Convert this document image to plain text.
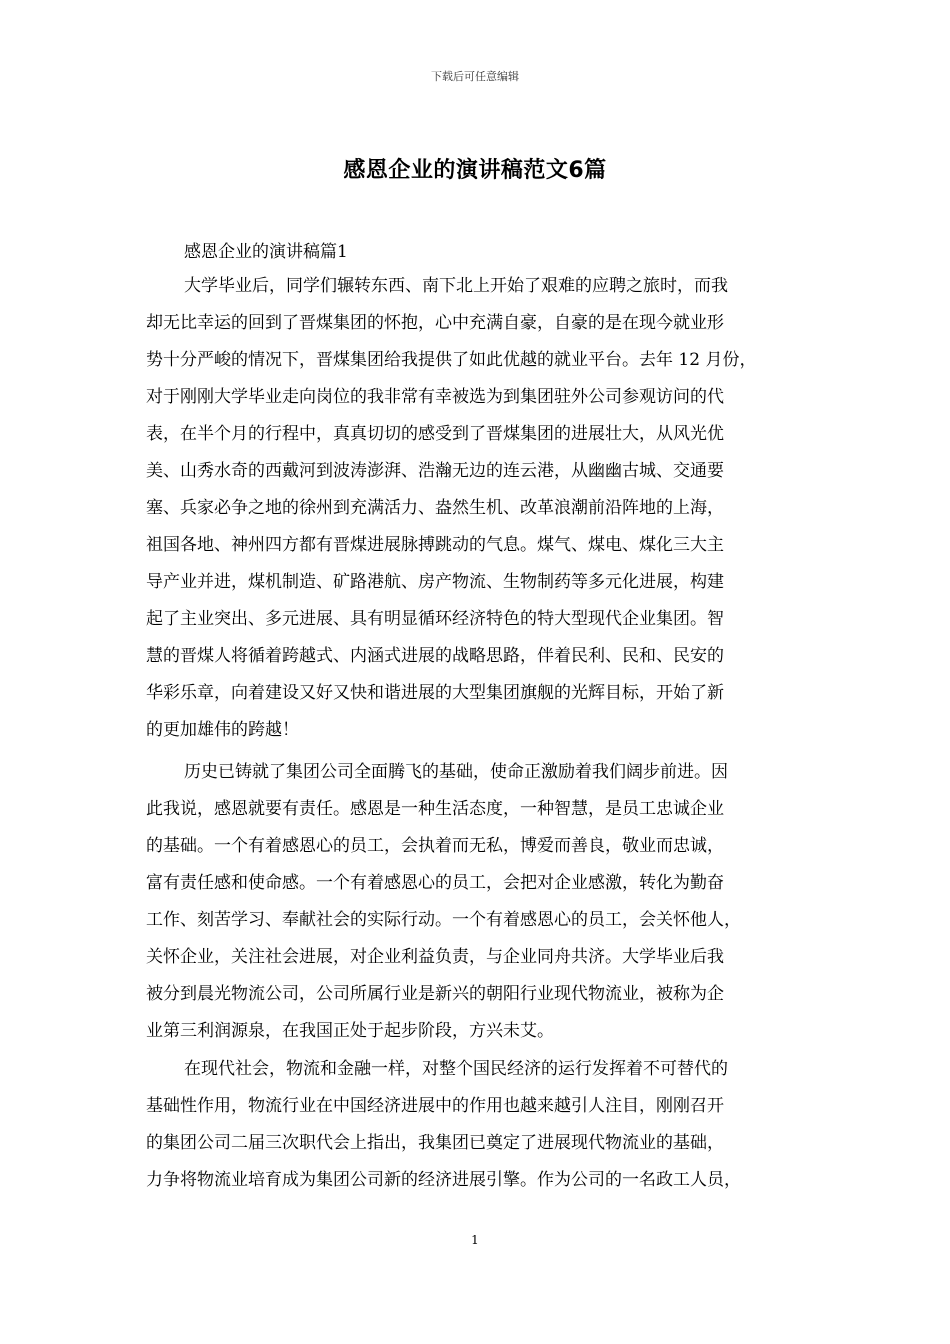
下载后可任意编辑
感恩企业的演讲稿范文6篇
感恩企业的演讲稿篇1
大学毕业后，同学们辗转东西、南下北上开始了艰难的应聘之旅时，而我
却无比幸运的回到了晋煤集团的怀抱，心中充满自豪，自豪的是在现今就业形
势十分严峻的情况下，晋煤集团给我提供了如此优越的就业平台。去年 12 月份，
对于刚刚大学毕业走向岗位的我非常有幸被选为到集团驻外公司参观访问的代
表，在半个月的行程中，真真切切的感受到了晋煤集团的进展壮大，从风光优
美、山秀水奇的西戴河到波涛澎湃、浩瀚无边的连云港，从幽幽古城、交通要
塞、兵家必争之地的徐州到充满活力、盎然生机、改革浪潮前沿阵地的上海，
祖国各地、神州四方都有晋煤进展脉搏跳动的气息。煤气、煤电、煤化三大主
导产业并进，煤机制造、矿路港航、房产物流、生物制药等多元化进展，构建
起了主业突出、多元进展、具有明显循环经济特色的特大型现代企业集团。智
慧的晋煤人将循着跨越式、内涵式进展的战略思路，伴着民利、民和、民安的
华彩乐章，向着建设又好又快和谐进展的大型集团旗舰的光辉目标，开始了新
的更加雄伟的跨越！
历史已铸就了集团公司全面腾飞的基础，使命正激励着我们阔步前进。因
此我说，感恩就要有责任。感恩是一种生活态度，一种智慧，是员工忠诚企业
的基础。一个有着感恩心的员工，会执着而无私，博爱而善良，敬业而忠诚，
富有责任感和使命感。一个有着感恩心的员工，会把对企业感激，转化为勤奋
工作、刻苦学习、奉献社会的实际行动。一个有着感恩心的员工，会关怀他人，
关怀企业，关注社会进展，对企业利益负责，与企业同舟共济。大学毕业后我
被分到晨光物流公司，公司所属行业是新兴的朝阳行业现代物流业，被称为企
业第三利润源泉，在我国正处于起步阶段，方兴未艾。
在现代社会，物流和金融一样，对整个国民经济的运行发挥着不可替代的
基础性作用，物流行业在中国经济进展中的作用也越来越引人注目，刚刚召开
的集团公司二届三次职代会上指出，我集团已奠定了进展现代物流业的基础，
力争将物流业培育成为集团公司新的经济进展引擎。作为公司的一名政工人员，
1
